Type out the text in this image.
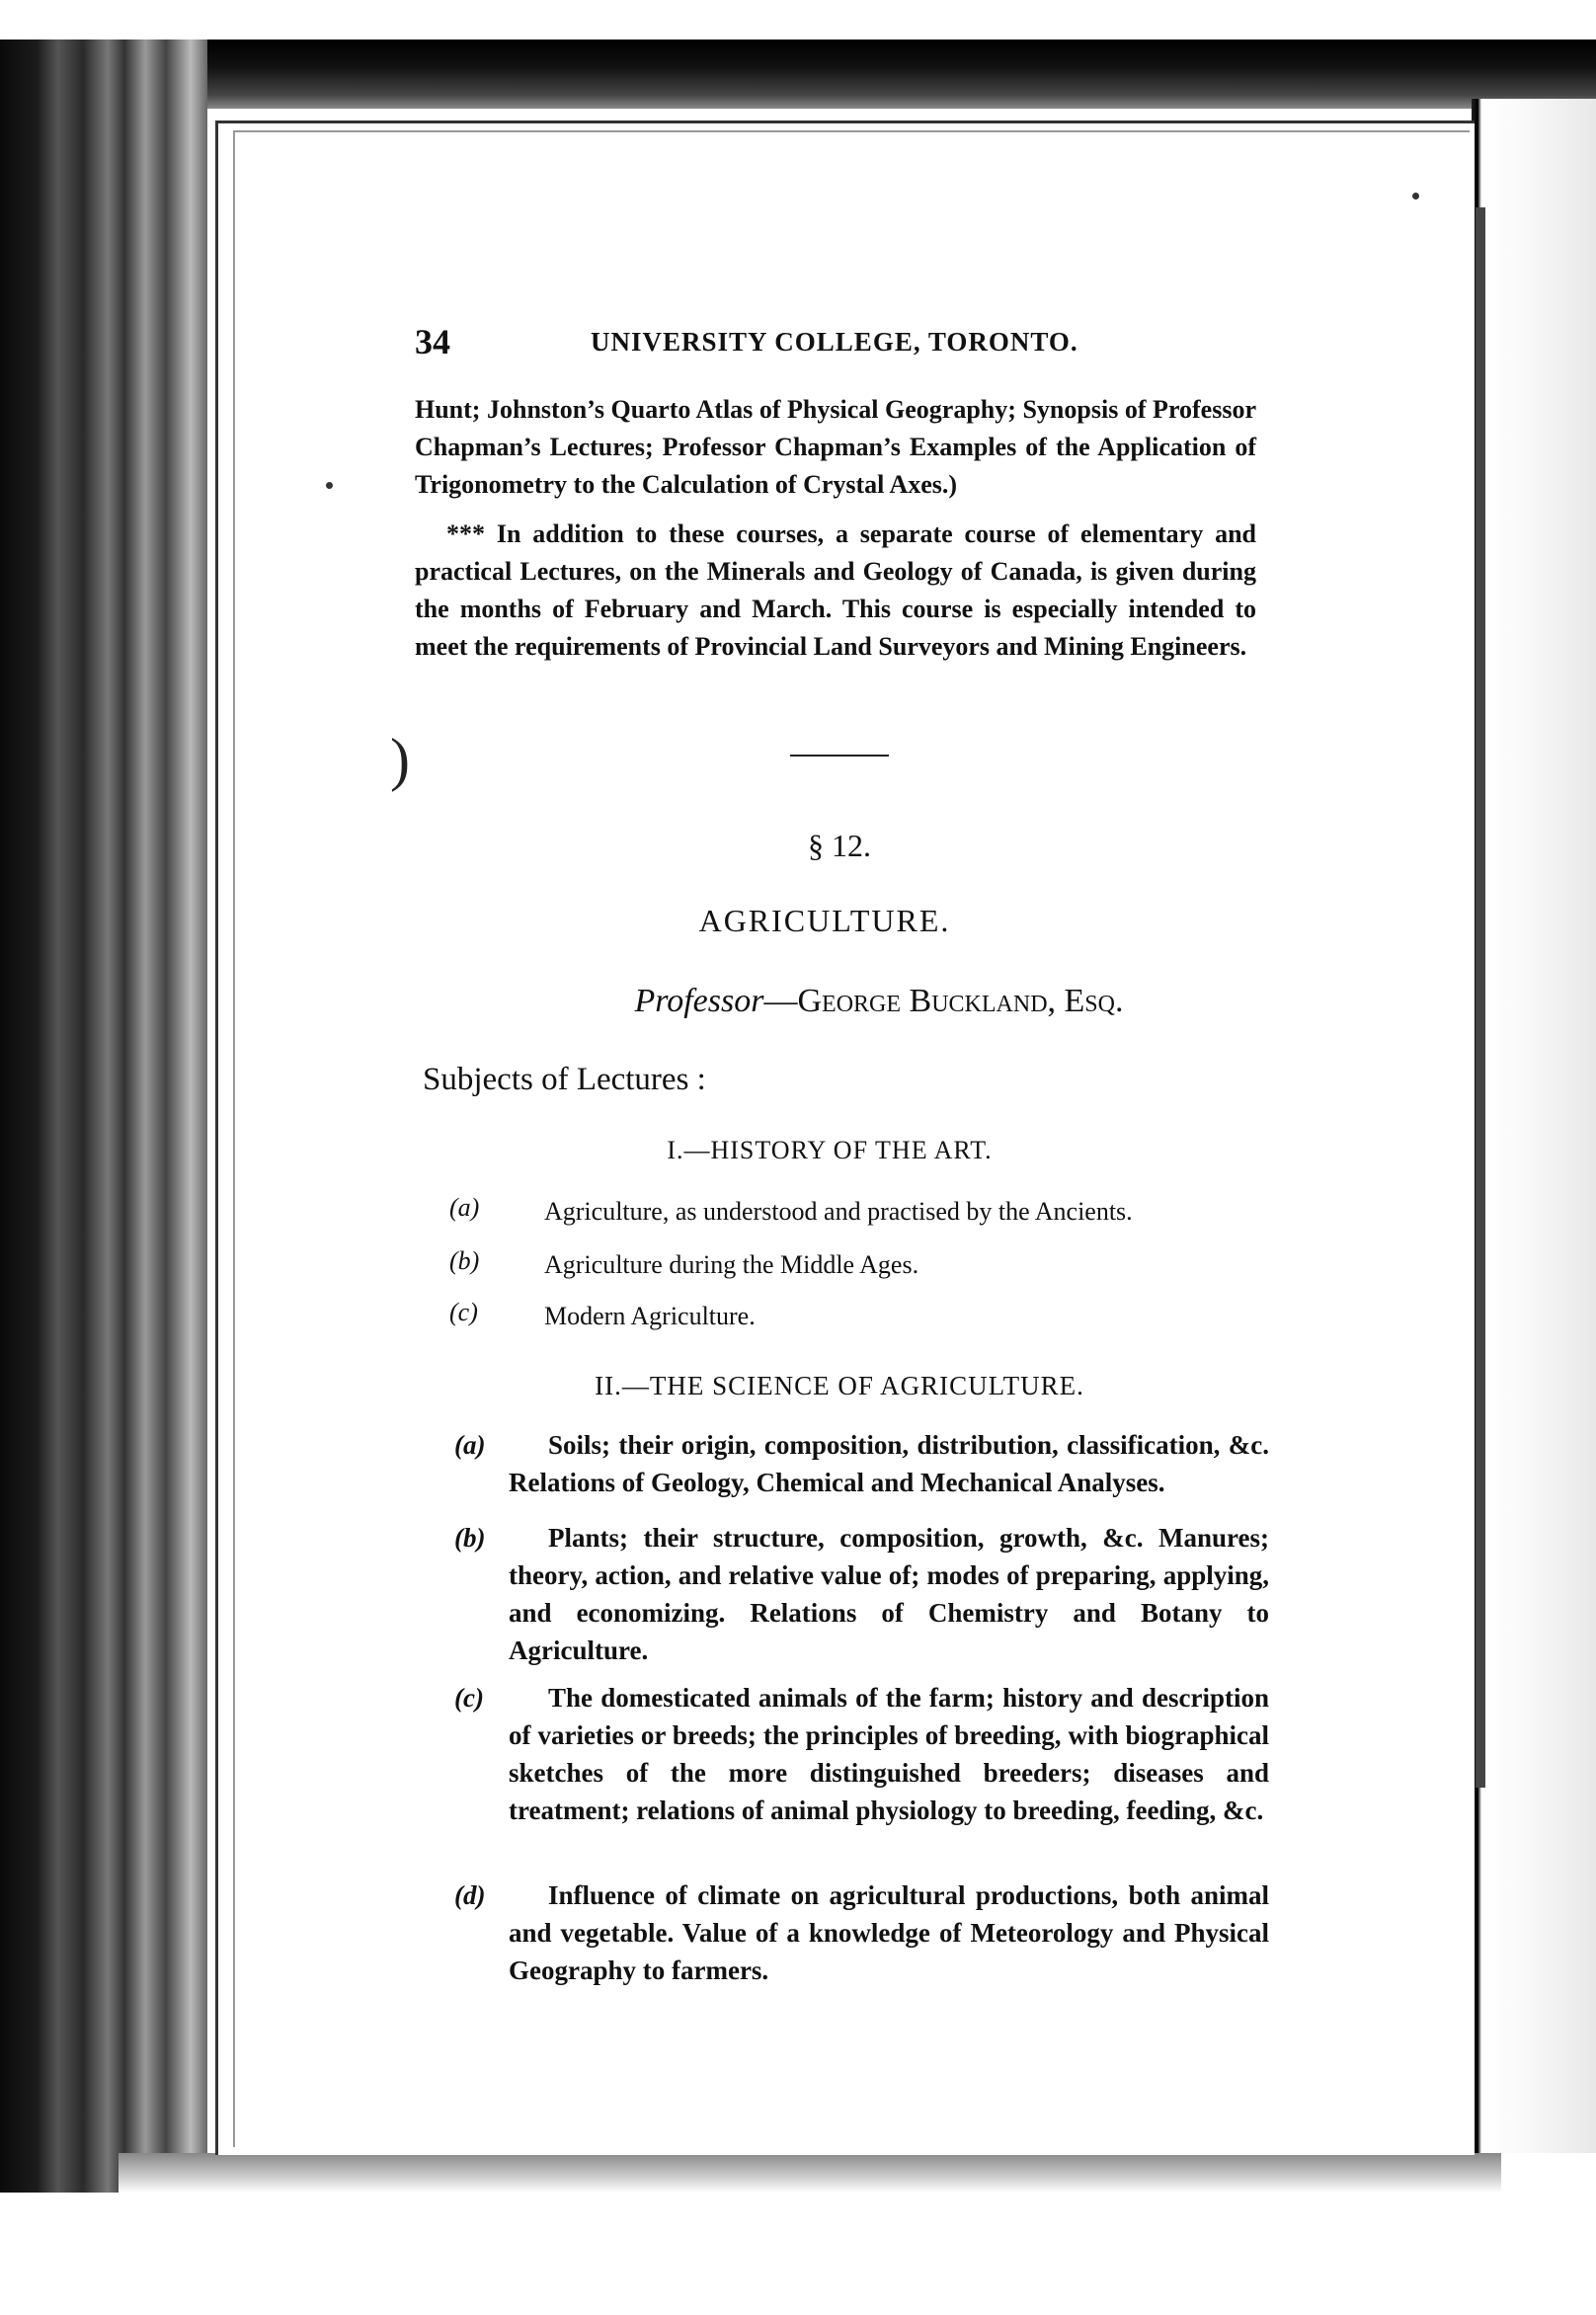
34	UNIVERSITY COLLEGE, TORONTO.
Hunt; Johnston’s Quarto Atlas of Physical Geography; Synopsis of Professor Chapman’s Lectures; Professor Chapman’s Examples of the Application of Trigonometry to the Calculation of Crystal Axes.)
*** In addition to these courses, a separate course of elementary and practical Lectures, on the Minerals and Geology of Canada, is given during the months of February and March. This course is especially intended to meet the requirements of Provincial Land Surveyors and Mining Engineers.
)
§ 12.
AGRICULTURE.
Professor—George Buckland, Esq.
Subjects of Lectures :
I.—HISTORY OF THE ART.
(a)	Agriculture, as understood and practised by the Ancients.
(b)	Agriculture during the Middle Ages.
(c)	Modern Agriculture.
II.—THE SCIENCE OF AGRICULTURE.
(a)	Soils; their origin, composition, distribution, classification, &c. Relations of Geology, Chemical and Mechanical Analyses.
(b)	Plants; their structure, composition, growth, &c. Manures; theory, action, and relative value of; modes of preparing, applying, and economizing. Relations of Chemistry and Botany to Agriculture.
(c)	The domesticated animals of the farm; history and description of varieties or breeds; the principles of breeding, with biographical sketches of the more distinguished breeders; diseases and treatment; relations of animal physiology to breeding, feeding, &c.
(d)	Influence of climate on agricultural productions, both animal and vegetable. Value of a knowledge of Meteorology and Physical Geography to farmers.
